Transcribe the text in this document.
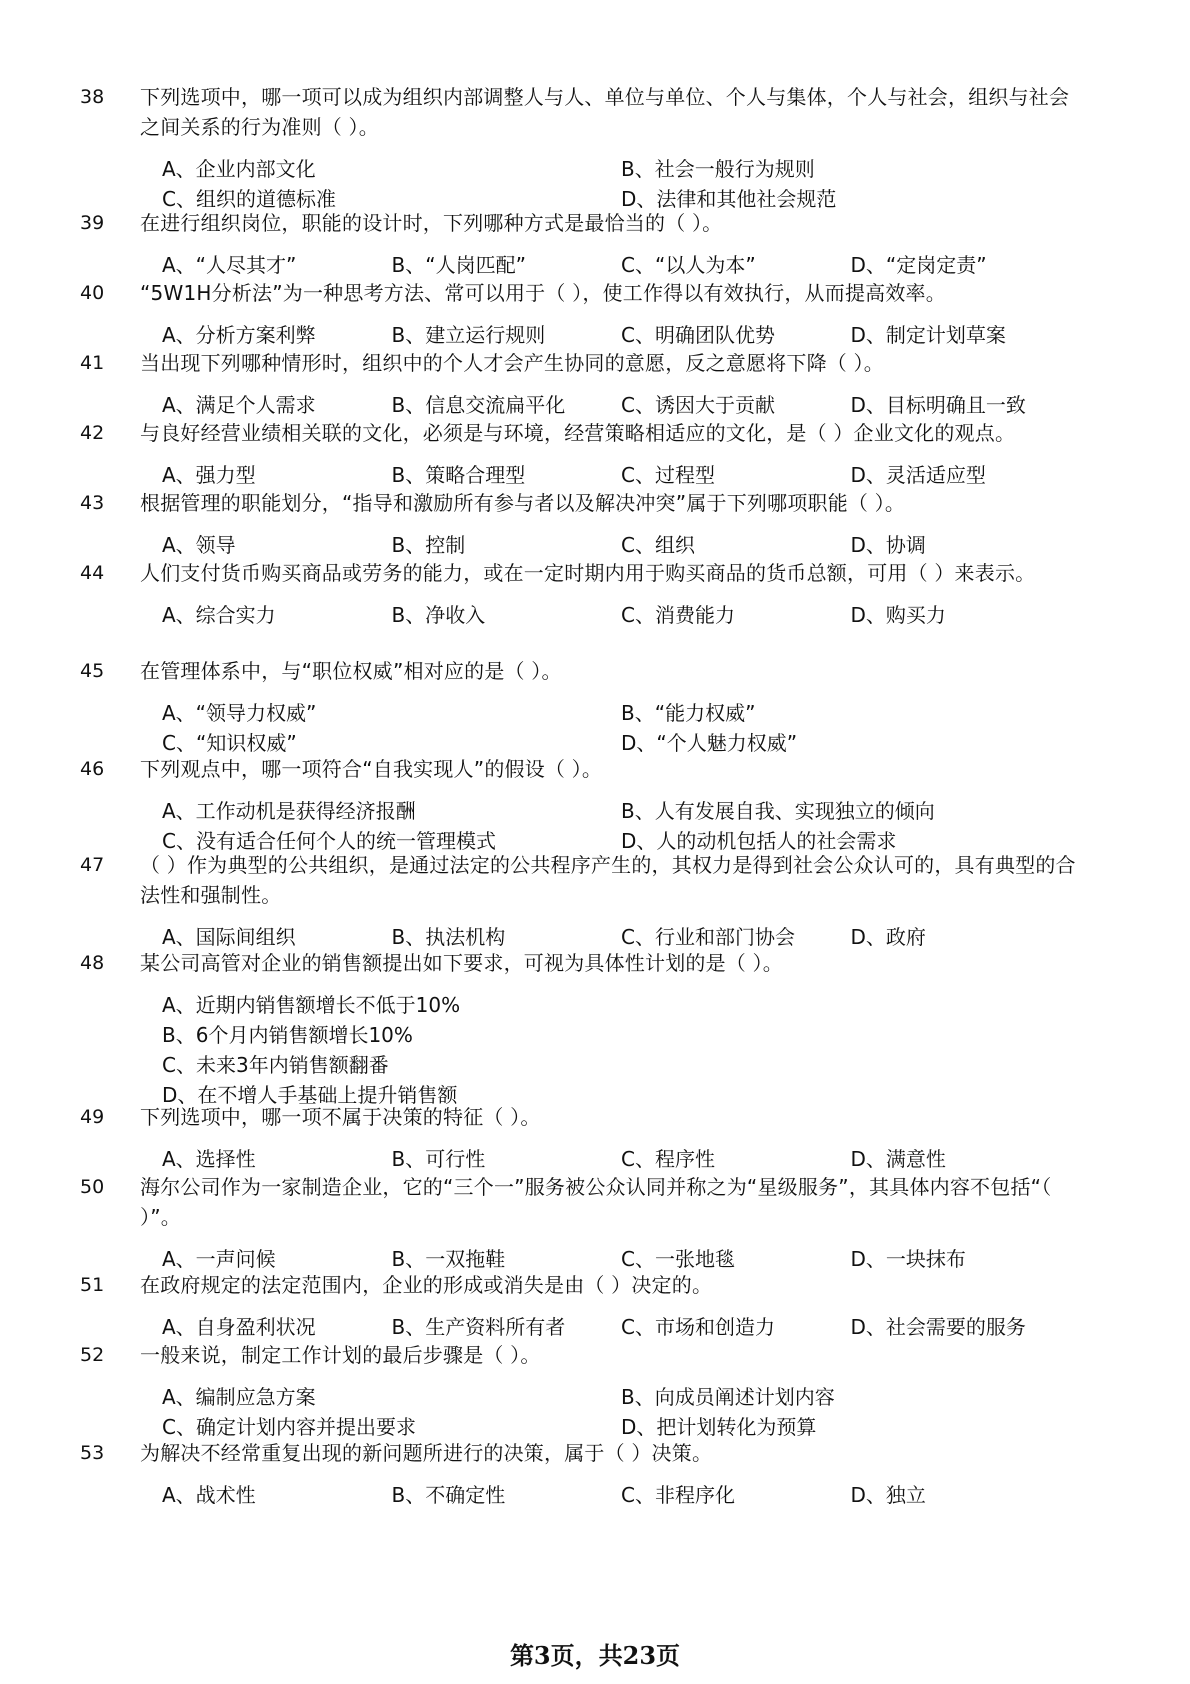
38 下列选项中，哪一项可以成为组织内部调整人与人、单位与单位、个人与集体，个人与社会，组织与社会之间关系的行为准则（ ）。
A、企业内部文化	B、社会一般行为规则
C、组织的道德标准	D、法律和其他社会规范
39 在进行组织岗位，职能的设计时，下列哪种方式是最恰当的（ ）。
A、“人尽其才”	B、“人岗匹配”	C、“以人为本”	D、“定岗定责”
40 “5W1H分析法”为一种思考方法、常可以用于（ ），使工作得以有效执行，从而提高效率。
A、分析方案利弊	B、建立运行规则	C、明确团队优势	D、制定计划草案
41 当出现下列哪种情形时，组织中的个人才会产生协同的意愿，反之意愿将下降（ ）。
A、满足个人需求	B、信息交流扁平化	C、诱因大于贡献	D、目标明确且一致
42 与良好经营业绩相关联的文化，必须是与环境，经营策略相适应的文化，是（ ）企业文化的观点。
A、强力型	B、策略合理型	C、过程型	D、灵活适应型
43 根据管理的职能划分，“指导和激励所有参与者以及解决冲突”属于下列哪项职能（ ）。
A、领导	B、控制	C、组织	D、协调
44 人们支付货币购买商品或劳务的能力，或在一定时期内用于购买商品的货币总额，可用（ ）来表示。
A、综合实力	B、净收入	C、消费能力	D、购买力
45 在管理体系中，与“职位权威”相对应的是（ ）。
A、“领导力权威”	B、“能力权威”
C、“知识权威”	D、“个人魅力权威”
46 下列观点中，哪一项符合“自我实现人”的假设（ ）。
A、工作动机是获得经济报酬	B、人有发展自我、实现独立的倾向
C、没有适合任何个人的统一管理模式	D、人的动机包括人的社会需求
47 （ ）作为典型的公共组织，是通过法定的公共程序产生的，其权力是得到社会公众认可的，具有典型的合法性和强制性。
A、国际间组织	B、执法机构	C、行业和部门协会	D、政府
48 某公司高管对企业的销售额提出如下要求，可视为具体性计划的是（ ）。
A、近期内销售额增长不低于10%
B、6个月内销售额增长10%
C、未来3年内销售额翻番
D、在不增人手基础上提升销售额
49 下列选项中，哪一项不属于决策的特征（ ）。
A、选择性	B、可行性	C、程序性	D、满意性
50 海尔公司作为一家制造企业，它的“三个一”服务被公众认同并称之为“星级服务”，其具体内容不包括“（ ）”。
A、一声问候	B、一双拖鞋	C、一张地毯	D、一块抹布
51 在政府规定的法定范围内，企业的形成或消失是由（ ）决定的。
A、自身盈利状况	B、生产资料所有者	C、市场和创造力	D、社会需要的服务
52 一般来说，制定工作计划的最后步骤是（ ）。
A、编制应急方案	B、向成员阐述计划内容
C、确定计划内容并提出要求	D、把计划转化为预算
53 为解决不经常重复出现的新问题所进行的决策，属于（ ）决策。
A、战术性	B、不确定性	C、非程序化	D、独立
第3页，共23页
